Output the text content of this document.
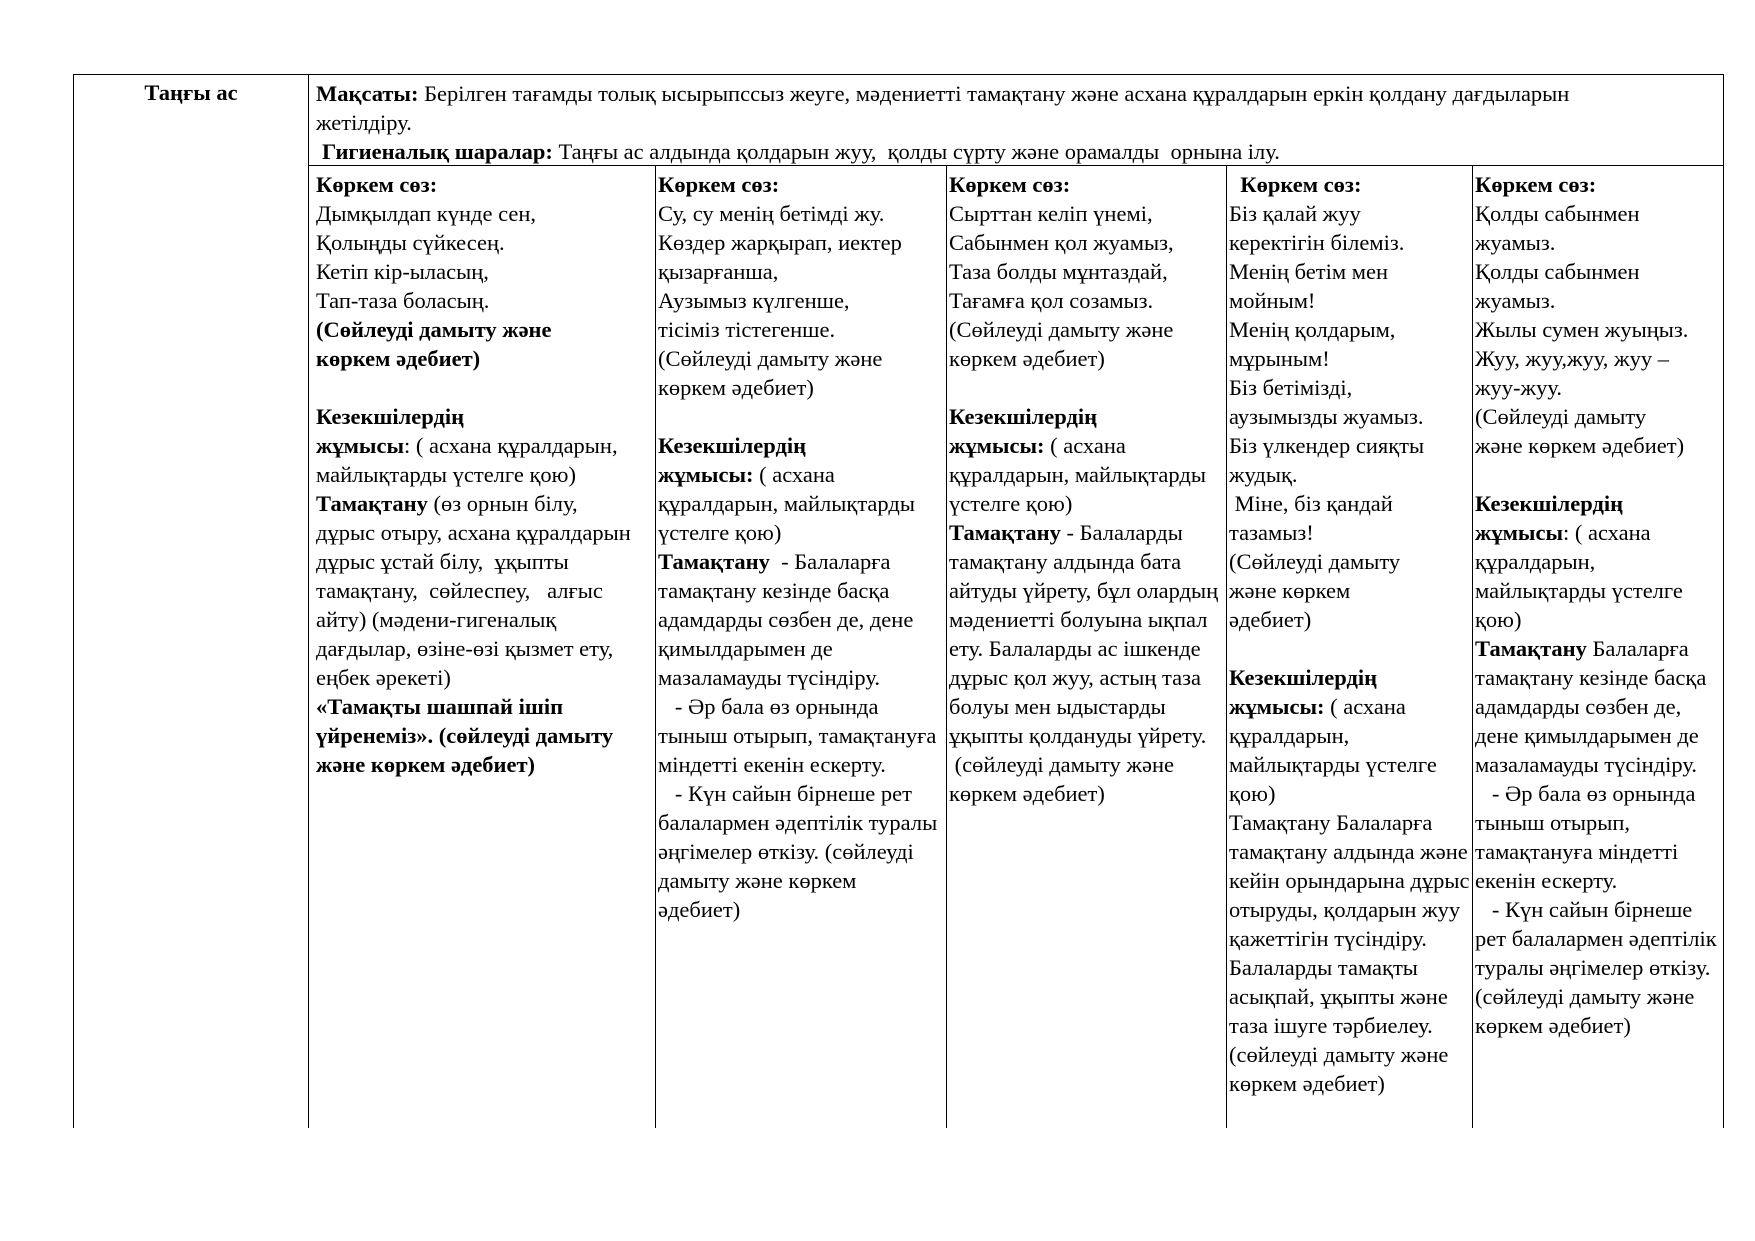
Таңғы ас	Мақсаты: Берілген тағамды толық ысырыпссыз жеуге, мәдениетті тамақтану және асхана құралдарын еркін қолдану дағдыларын
жетілдіру.
Гигиеналық шаралар: Таңғы ас алдында қолдарын жуу,  қолды сүрту және орамалды  орнына ілу.
Көркем сөз:
Дымқылдап күнде сен,
Қолыңды сүйкесең.
Кетіп кір-ыласың,
Тап-таза боласың.
(Сөйлеуді дамыту және
көркем әдебиет)
Кезекшілердің
жұмысы: ( асхана құралдарын,
майлықтарды үстелге қою)
Тамақтану (өз орнын білу,
дұрыс отыру, асхана құралдарын
дұрыс ұстай білу,  ұқыпты
тамақтану,  сөйлеспеу,   алғыс
айту) (мәдени-гигеналық
дағдылар, өзіне-өзі қызмет ету,
еңбек әрекеті)
«Тамақты шашпай ішіп
үйренеміз». (сөйлеуді дамыту
және көркем әдебиет)
Көркем сөз:
Су, су менің бетімді жу.
Көздер жарқырап, иектер
қызарғанша,
Аузымыз күлгенше,
тісіміз тістегенше.
(Сөйлеуді дамыту және
көркем әдебиет)
Кезекшілердің
жұмысы: ( асхана
құралдарын, майлықтарды
үстелге қою)
Тамақтану  - Балаларға
тамақтану кезінде басқа
адамдарды сөзбен де, дене
қимылдарымен де
мазаламауды түсіндіру.
- Әр бала өз орнында
тыныш отырып, тамақтануға
міндетті екенін ескерту.
- Күн сайын бірнеше рет
балалармен әдептілік туралы
әңгімелер өткізу. (сөйлеуді
дамыту және көркем
әдебиет)
Көркем сөз:
Сырттан келіп үнемі,
Сабынмен қол жуамыз,
Таза болды мұнтаздай,
Тағамға қол созамыз.
(Сөйлеуді дамыту және
көркем әдебиет)
Кезекшілердің
жұмысы: ( асхана
құралдарын, майлықтарды
үстелге қою)
Тамақтану - Балаларды
тамақтану алдында бата
айтуды үйрету, бұл олардың
мәдениетті болуына ықпал
ету. Балаларды ас ішкенде
дұрыс қол жуу, астың таза
болуы мен ыдыстарды
ұқыпты қолдануды үйрету.
(сөйлеуді дамыту және
көркем әдебиет)
Көркем сөз:
Біз қалай жуу
керектігін білеміз.
Менің бетім мен
мойным!
Менің қолдарым,
мұрыным!
Біз бетімізді,
аузымызды жуамыз.
Біз үлкендер сияқты
жудық.
Міне, біз қандай
тазамыз!
(Сөйлеуді дамыту
және көркем
әдебиет)
Кезекшілердің
жұмысы: ( асхана
құралдарын,
майлықтарды үстелге
қою)
Тамақтану Балаларға
тамақтану алдында және
кейін орындарына дұрыс
отыруды, қолдарын жуу
қажеттігін түсіндіру.
Балаларды тамақты
асықпай, ұқыпты және
таза ішуге тәрбиелеу.
(сөйлеуді дамыту және
көркем әдебиет)
Көркем сөз:
Қолды сабынмен
жуамыз.
Қолды сабынмен
жуамыз.
Жылы сумен жуыңыз.
Жуу, жуу,жуу, жуу –
жуу-жуу.
(Сөйлеуді дамыту
және көркем әдебиет)
Кезекшілердің
жұмысы: ( асхана
құралдарын,
майлықтарды үстелге
қою)
Тамақтану Балаларға
тамақтану кезінде басқа
адамдарды сөзбен де,
дене қимылдарымен де
мазаламауды түсіндіру.
- Әр бала өз орнында
тыныш отырып,
тамақтануға міндетті
екенін ескерту.
- Күн сайын бірнеше
рет балалармен әдептілік
туралы әңгімелер өткізу.
(сөйлеуді дамыту және
көркем әдебиет)
